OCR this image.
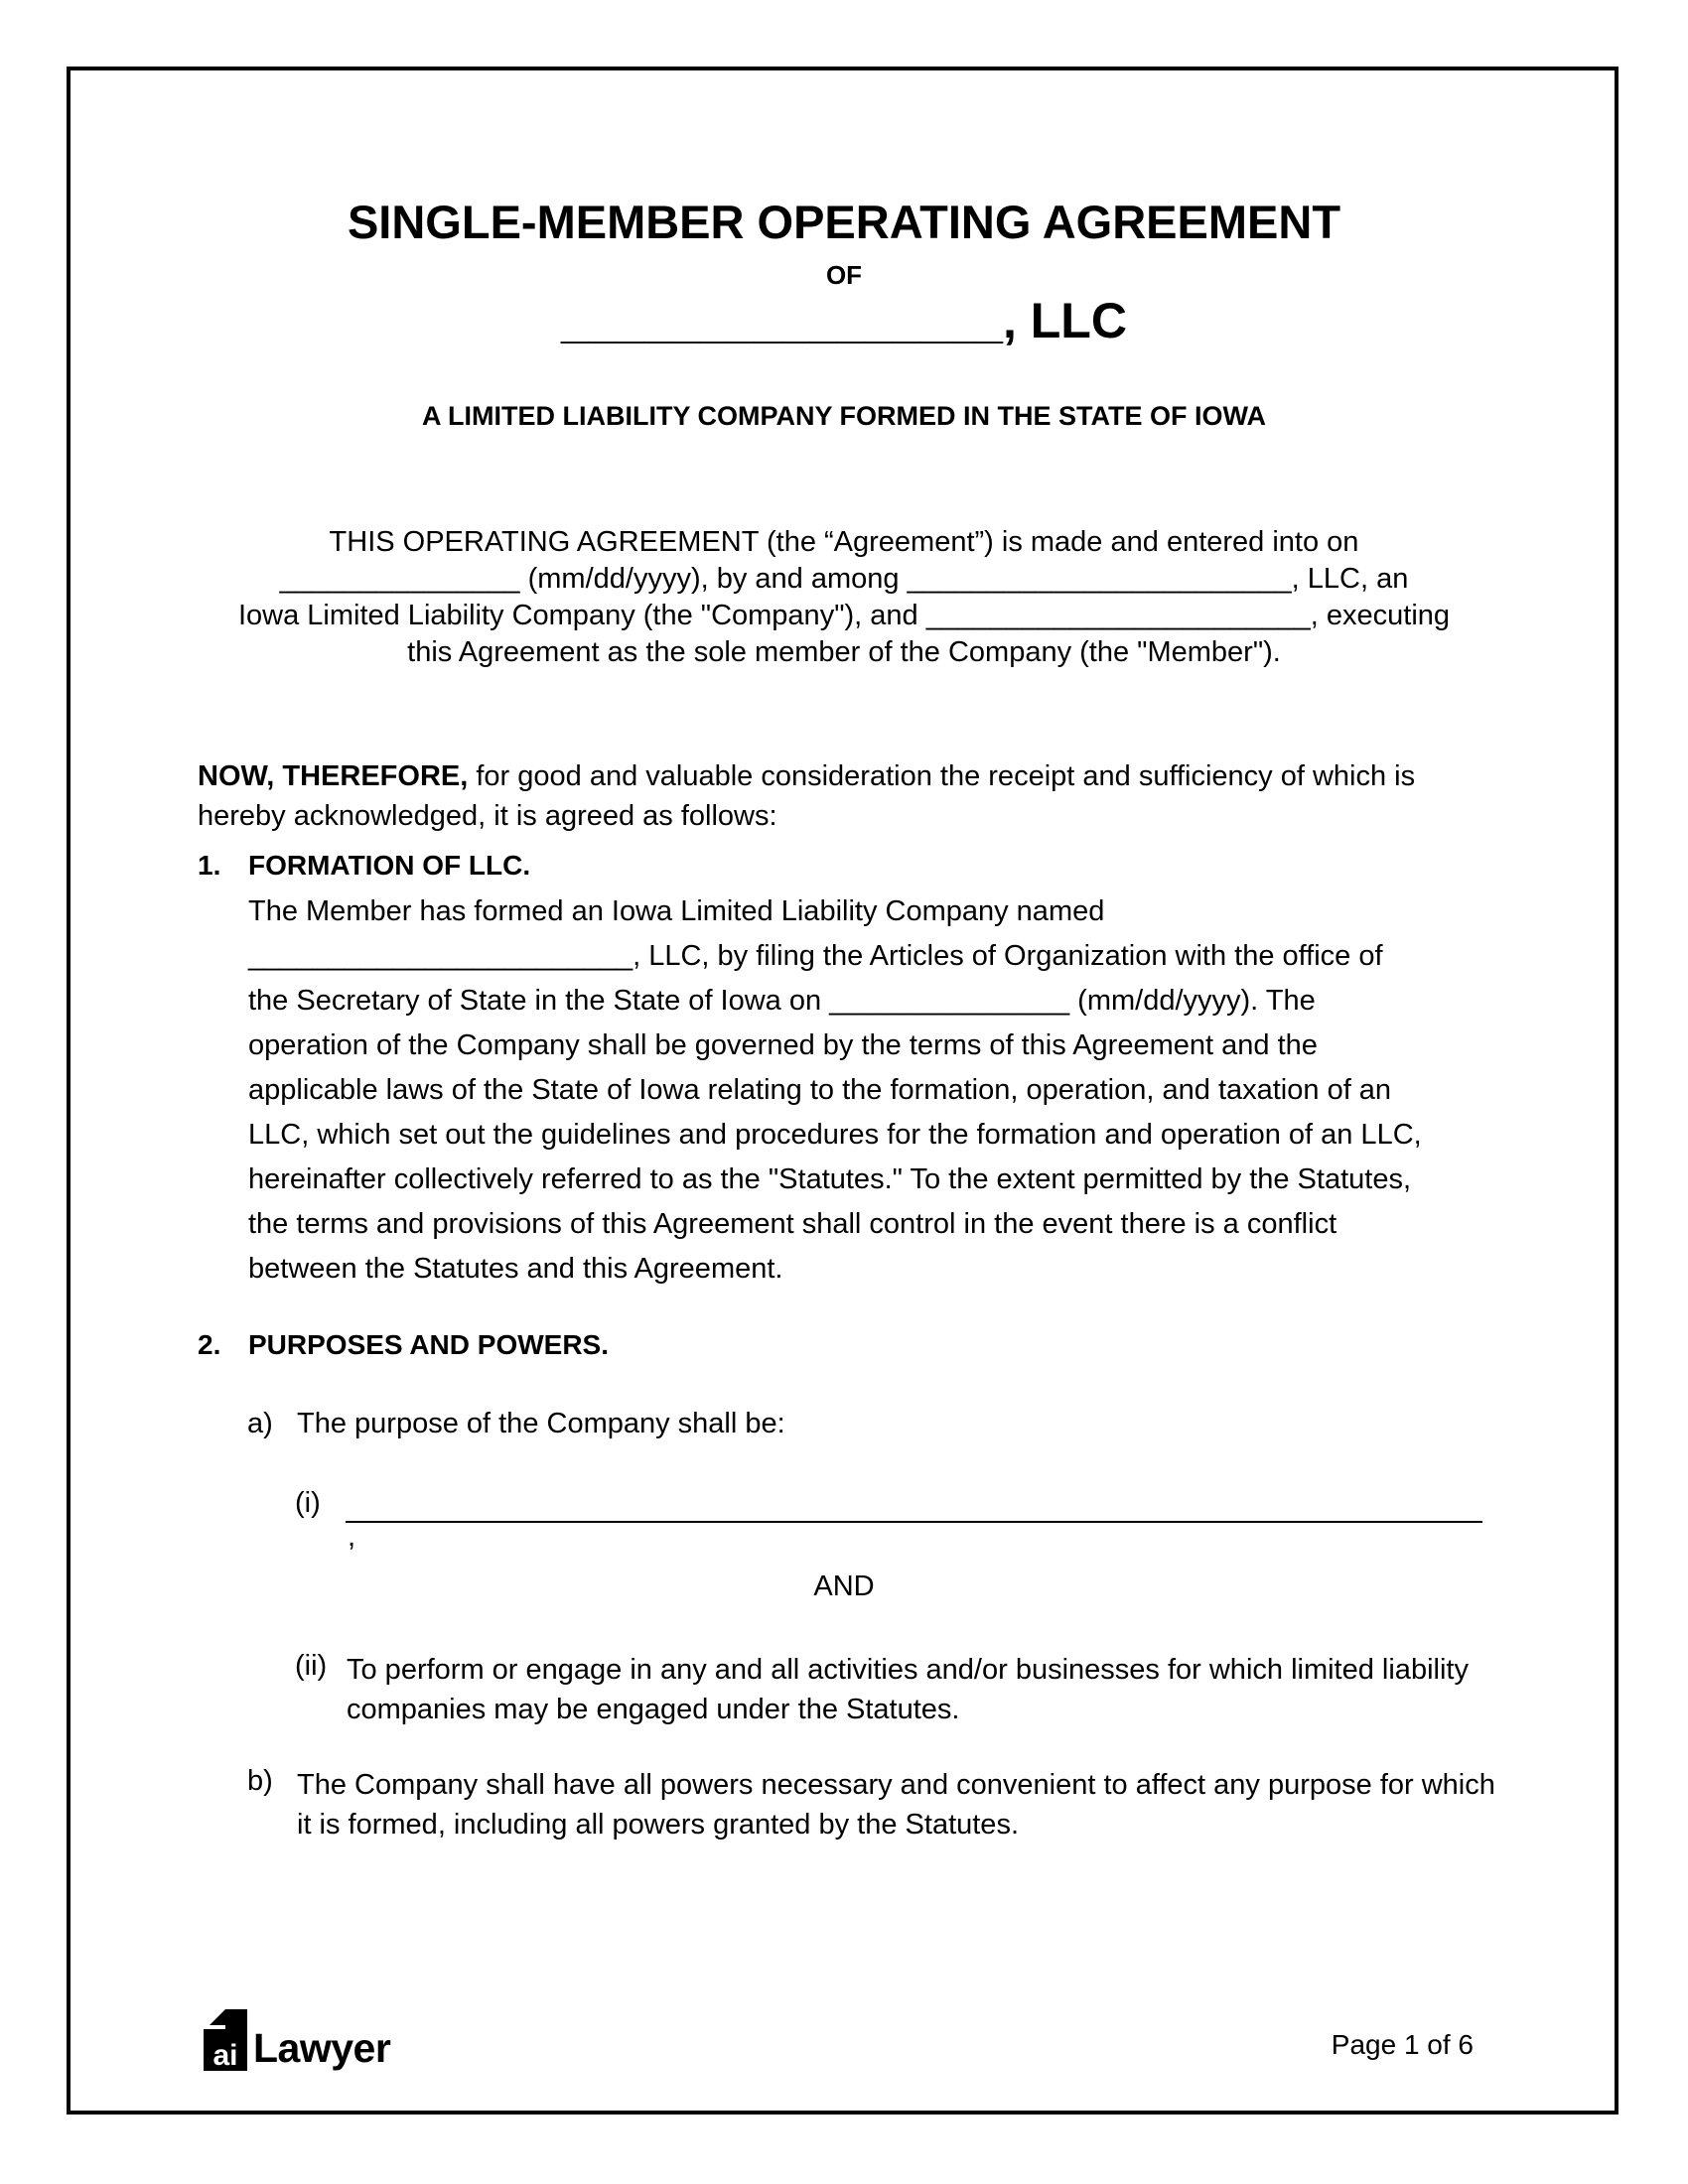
SINGLE-MEMBER OPERATING AGREEMENT
OF
________________, LLC
A LIMITED LIABILITY COMPANY FORMED IN THE STATE OF IOWA

THIS OPERATING AGREEMENT (the “Agreement”) is made and entered into on

_______________ (mm/dd/yyyy), by and among ________________________, LLC, an

Iowa Limited Liability Company (the "Company"), and ________________________, executing

this Agreement as the sole member of the Company (the "Member").

NOW, THEREFORE, for good and valuable consideration the receipt and sufficiency of which is hereby acknowledged, it is agreed as follows:
1. FORMATION OF LLC.

The Member has formed an Iowa Limited Liability Company named

________________________, LLC, by filing the Articles of Organization with the office of

the Secretary of State in the State of Iowa on _______________ (mm/dd/yyyy). The

operation of the Company shall be governed by the terms of this Agreement and the

applicable laws of the State of Iowa relating to the formation, operation, and taxation of an

LLC, which set out the guidelines and procedures for the formation and operation of an LLC,

hereinafter collectively referred to as the "Statutes." To the extent permitted by the Statutes,

the terms and provisions of this Agreement shall control in the event there is a conflict

between the Statutes and this Agreement.

2. PURPOSES AND POWERS.
a) The purpose of the Company shall be:
(i)
,
AND
(ii) To perform or engage in any and all activities and/or businesses for which limited liability companies may be engaged under the Statutes.
b) The Company shall have all powers necessary and convenient to affect any purpose for which it is formed, including all powers granted by the Statutes.
ai Lawyer	Page 1 of 6
